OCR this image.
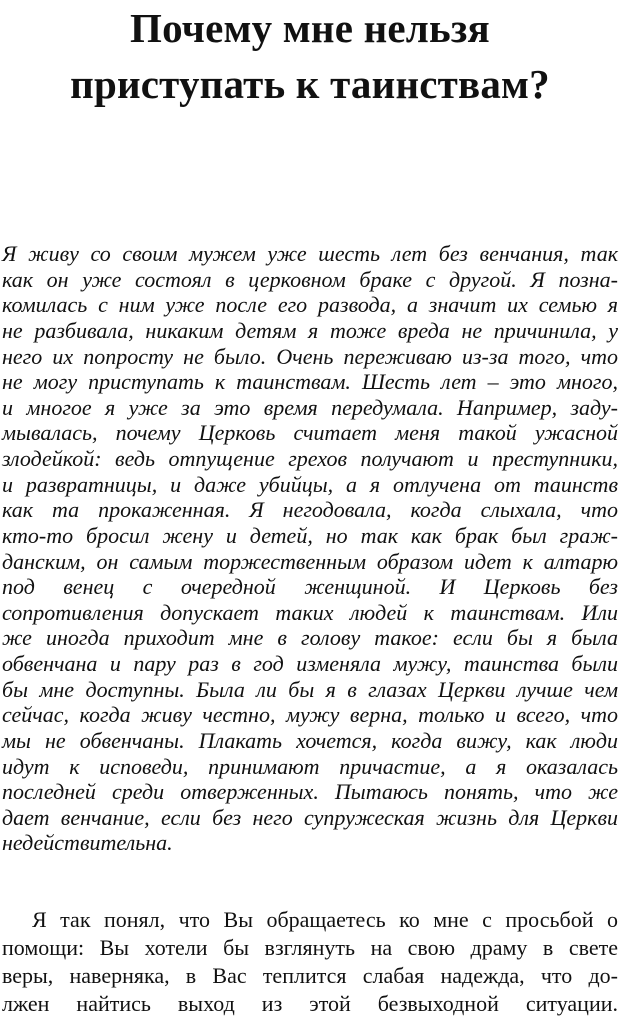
Почему мне нельзя
приступать к таинствам?
Я живу со своим мужем уже шесть лет без венчания, так
как он уже состоял в церковном браке с другой. Я позна-
комилась с ним уже после его развода, а значит их семью я
не разбивала, никаким детям я тоже вреда не причинила, у
него их попросту не было. Очень переживаю из-за того, что
не могу приступать к таинствам. Шесть лет – это много,
и многое я уже за это время передумала. Например, заду-
мывалась, почему Церковь считает меня такой ужасной
злодейкой: ведь отпущение грехов получают и преступники,
и развратницы, и даже убийцы, а я отлучена от таинств
как та прокаженная. Я негодовала, когда слыхала, что
кто-то бросил жену и детей, но так как брак был граж-
данским, он самым торжественным образом идет к алтарю
под венец с очередной женщиной. И Церковь без
сопротивления допускает таких людей к таинствам. Или
же иногда приходит мне в голову такое: если бы я была
обвенчана и пару раз в год изменяла мужу, таинства были
бы мне доступны. Была ли бы я в глазах Церкви лучше чем
сейчас, когда живу честно, мужу верна, только и всего, что
мы не обвенчаны. Плакать хочется, когда вижу, как люди
идут к исповеди, принимают причастие, а я оказалась
последней среди отверженных. Пытаюсь понять, что же
дает венчание, если без него супружеская жизнь для Церкви
недействительна.
Я так понял, что Вы обращаетесь ко мне с просьбой о
помощи: Вы хотели бы взглянуть на свою драму в свете
веры, наверняка, в Вас теплится слабая надежда, что до-
лжен найтись выход из этой безвыходной ситуации.
